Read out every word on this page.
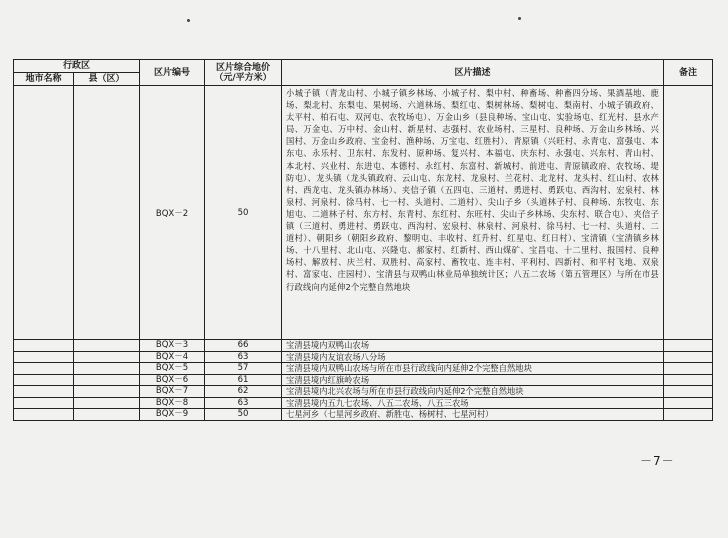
行政区		区片编号	区片综合地价
（元/平方米）	区片描述	备注
地市名称	县（区）				
		BQX－2	50	小城子镇（青龙山村、小城子镇乡林场、小城子村、梨中村、种畜场、种畜四分场、果酒基地、鹿场、梨北村、东梨屯、果树场、六道林场、梨红屯、梨树林场、梨树屯、梨南村、小城子镇政府、太平村、柏石屯、双河屯、农牧场屯）、万金山乡（县良种场、宝山屯、实验场屯、红光村、县水产局、万金屯、万中村、金山村、新星村、志强村、农业场村、三星村、良种场、万金山乡林场、兴国村、万金山乡政府、宝金村、渔种场、万宝屯、红胜村）、青原镇（兴旺村、永青屯、富强屯、本东屯、永乐村、卫东村、东发村、原种场、复兴村、本福屯、庆东村、永强屯、兴东村、青山村、本北村、兴业村、东进屯、本德村、永红村、东富村、新城村、前进屯、青原镇政府、农牧场、堤防屯）、龙头镇（龙头镇政府、云山屯、东龙村、龙泉村、兰花村、北龙村、龙头村、红山村、农林村、西龙屯、龙头镇办林场）、夹信子镇（五四屯、三道村、勇进村、勇跃屯、西沟村、宏泉村、林泉村、河泉村、徐马村、七一村、头道村、二道村）、尖山子乡（头道林子村、良种场、东牧屯、东旭屯、二道林子村、东方村、东青村、东红村、东旺村、尖山子乡林场、尖东村、联合屯）、夹信子镇（三道村、勇进村、勇跃屯、西沟村、宏泉村、林泉村、河泉村、徐马村、七一村、头道村、二道村）、朝阳乡（朝阳乡政府、黎明屯、丰收村、红升村、红星屯、红日村）、宝清镇（宝清镇乡林场、十八里村、北山屯、兴隆屯、郝家村、红新村、西山煤矿、宝昌屯、十二里村、报国村、良种场村、解放村、庆兰村、双胜村、高家村、畜牧屯、连丰村、平利村、四新村、和平村飞地、双泉村、富家屯、庄园村）、宝清县与双鸭山林业局单独统计区；八五二农场（第五管理区）与所在市县行政线向内延伸2个完整自然地块	
		BQX－3	66	宝清县境内双鸭山农场	
		BQX－4	63	宝清县境内友谊农场八分场	
		BQX－5	57	宝清县境内双鸭山农场与所在市县行政线向内延伸2个完整自然地块	
		BQX－6	61	宝清县境内红旗岭农场	
		BQX－7	62	宝清县境内北兴农场与所在市县行政线向内延伸2个完整自然地块	
		BQX－8	63	宝清县境内五九七农场、八五二农场、八五三农场	
		BQX－9	50	七星河乡（七星河乡政府、新胜屯、杨树村、七星河村）	
－7－
